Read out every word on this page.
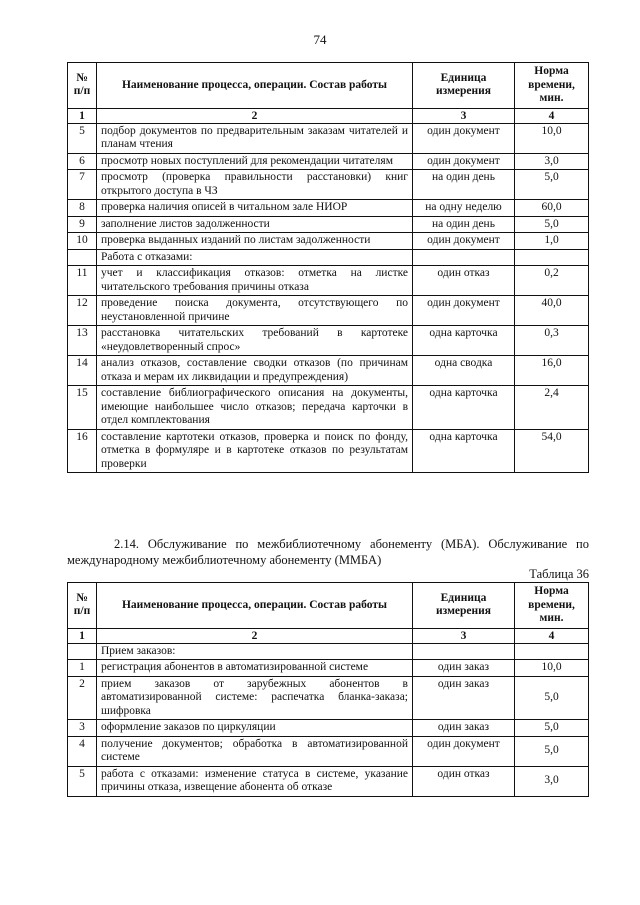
74
№ п/п	Наименование процесса, операции. Состав работы	Единица измерения	Норма времени, мин.
1	2	3	4
5	подбор документов по предварительным заказам читателей и планам чтения	один документ	10,0
6	просмотр новых поступлений для рекомендации читателям	один документ	3,0
7	просмотр (проверка правильности расстановки) книг открытого доступа в ЧЗ	на один день	5,0
8	проверка наличия описей в читальном зале НИОР	на одну неделю	60,0
9	заполнение листов задолженности	на один день	5,0
10	проверка выданных изданий по листам задолженности	один документ	1,0
	Работа с отказами:		
11	учет и классификация отказов: отметка на листке читательского требования причины отказа	один отказ	0,2
12	проведение поиска документа, отсутствующего по неустановленной причине	один документ	40,0
13	расстановка читательских требований в картотеке «неудовлетворенный спрос»	одна карточка	0,3
14	анализ отказов, составление сводки отказов (по причинам отказа и мерам их ликвидации и предупреждения)	одна сводка	16,0
15	составление библиографического описания на документы, имеющие наибольшее число отказов; передача карточки в отдел комплектования	одна карточка	2,4
16	составление картотеки отказов, проверка и поиск по фонду, отметка в формуляре и в картотеке отказов по результатам проверки	одна карточка	54,0
2.14. Обслуживание по межбиблиотечному абонементу (МБА). Обслуживание по международному межбиблиотечному абонементу (ММБА)
Таблица 36
№ п/п	Наименование процесса, операции. Состав работы	Единица измерения	Норма времени, мин.
1	2	3	4
	Прием заказов:		
1	регистрация абонентов в автоматизированной системе	один заказ	10,0
2	прием заказов от зарубежных абонентов в автоматизированной системе: распечатка бланка-заказа; шифровка	один заказ	5,0
3	оформление заказов по циркуляции	один заказ	5,0
4	получение документов; обработка в автоматизированной системе	один документ	5,0
5	работа с отказами: изменение статуса в системе, указание причины отказа, извещение абонента об отказе	один отказ	3,0
